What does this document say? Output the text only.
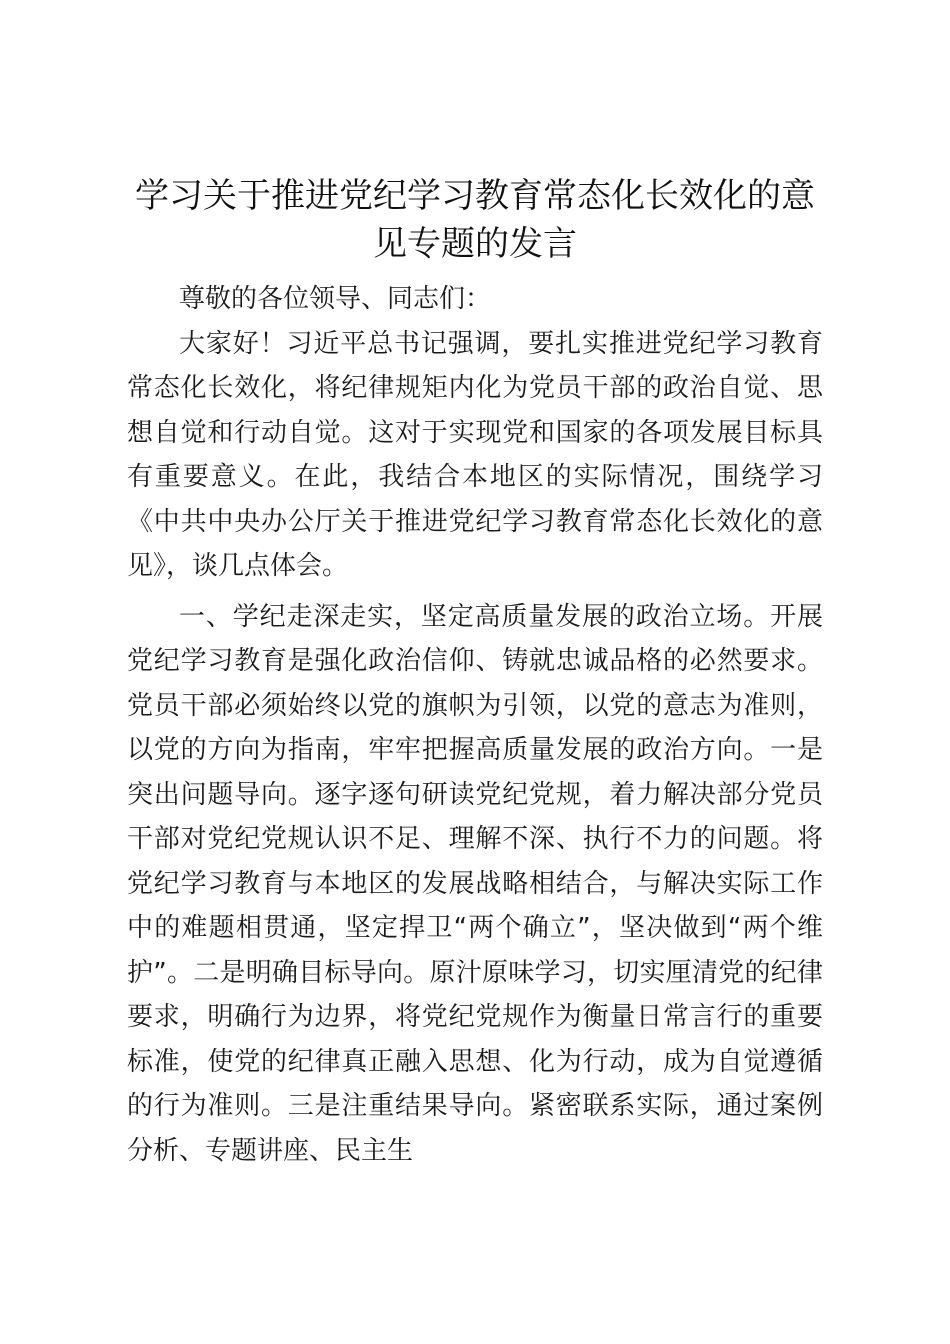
学习关于推进党纪学习教育常态化长效化的意见专题的发言

尊敬的各位领导、同志们：

大家好！习近平总书记强调，要扎实推进党纪学习教育常态化长效化，将纪律规矩内化为党员干部的政治自觉、思想自觉和行动自觉。这对于实现党和国家的各项发展目标具有重要意义。在此，我结合本地区的实际情况，围绕学习《中共中央办公厅关于推进党纪学习教育常态化长效化的意见》，谈几点体会。

一、学纪走深走实，坚定高质量发展的政治立场。开展党纪学习教育是强化政治信仰、铸就忠诚品格的必然要求。党员干部必须始终以党的旗帜为引领，以党的意志为准则，以党的方向为指南，牢牢把握高质量发展的政治方向。一是突出问题导向。逐字逐句研读党纪党规，着力解决部分党员干部对党纪党规认识不足、理解不深、执行不力的问题。将党纪学习教育与本地区的发展战略相结合，与解决实际工作中的难题相贯通，坚定捍卫“两个确立”，坚决做到“两个维护”。二是明确目标导向。原汁原味学习，切实厘清党的纪律要求，明确行为边界，将党纪党规作为衡量日常言行的重要标准，使党的纪律真正融入思想、化为行动，成为自觉遵循的行为准则。三是注重结果导向。紧密联系实际，通过案例分析、专题讲座、民主生
